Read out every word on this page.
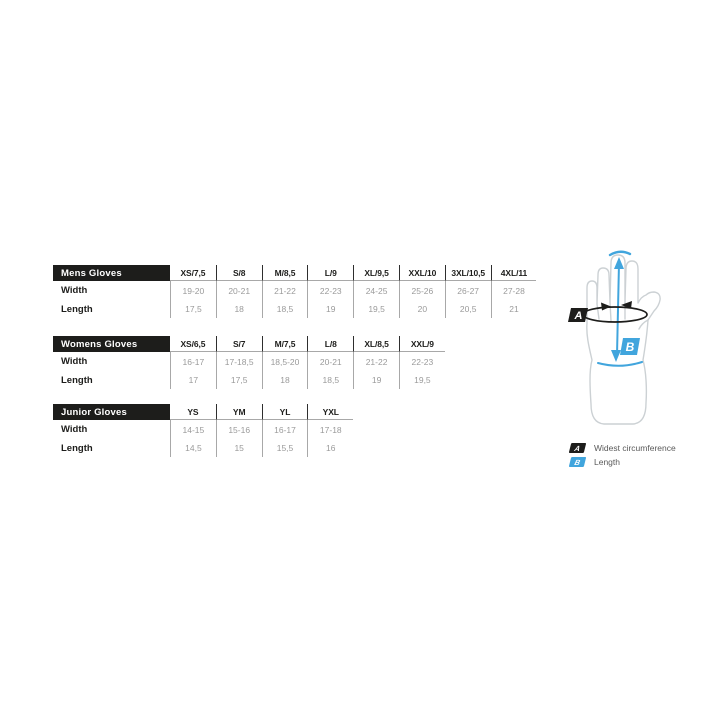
Mens Gloves	XS/7,5	S/8	M/8,5	L/9	XL/9,5	XXL/10	3XL/10,5	4XL/11
Width	19-20	20-21	21-22	22-23	24-25	25-26	26-27	27-28
Length	17,5	18	18,5	19	19,5	20	20,5	21
Womens Gloves	XS/6,5	S/7	M/7,5	L/8	XL/8,5	XXL/9
Width	16-17	17-18,5	18,5-20	20-21	21-22	22-23
Length	17	17,5	18	18,5	19	19,5
Junior Gloves	YS	YM	YL	YXL
Width	14-15	15-16	16-17	17-18
Length	14,5	15	15,5	16
A
B
A	Widest circumference
B	Length
